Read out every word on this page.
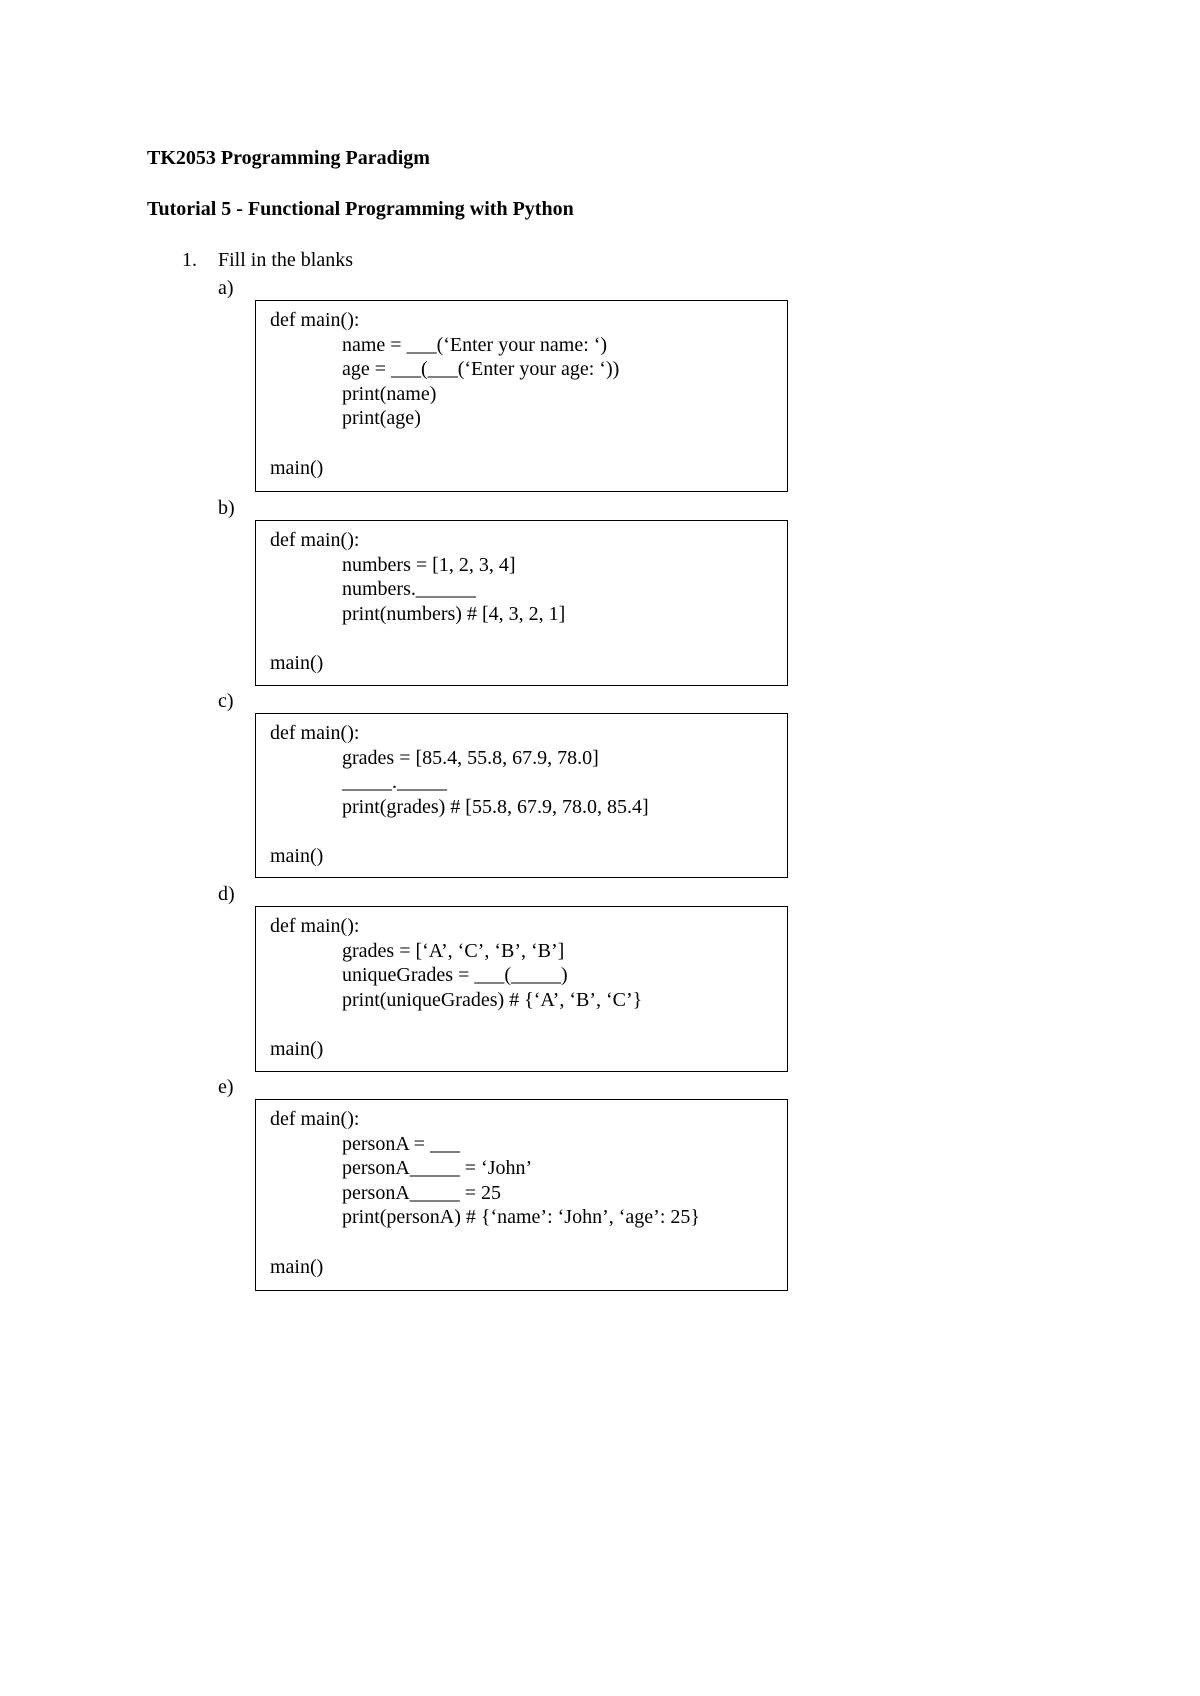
TK2053 Programming Paradigm
Tutorial 5 - Functional Programming with Python
1. Fill in the blanks
a)
def main():
name = ___(‘Enter your name: ‘)
age = ___(___(‘Enter your age: ‘))
print(name)
print(age)
main()
b)
def main():
numbers = [1, 2, 3, 4]
numbers.______
print(numbers) # [4, 3, 2, 1]
main()
c)
def main():
grades = [85.4, 55.8, 67.9, 78.0]
_____._____
print(grades) # [55.8, 67.9, 78.0, 85.4]
main()
d)
def main():
grades = [‘A’, ‘C’, ‘B’, ‘B’]
uniqueGrades = ___(_____)
print(uniqueGrades) # {‘A’, ‘B’, ‘C’}
main()
e)
def main():
personA = ___
personA_____ = ‘John’
personA_____ = 25
print(personA) # {‘name’: ‘John’, ‘age’: 25}
main()
